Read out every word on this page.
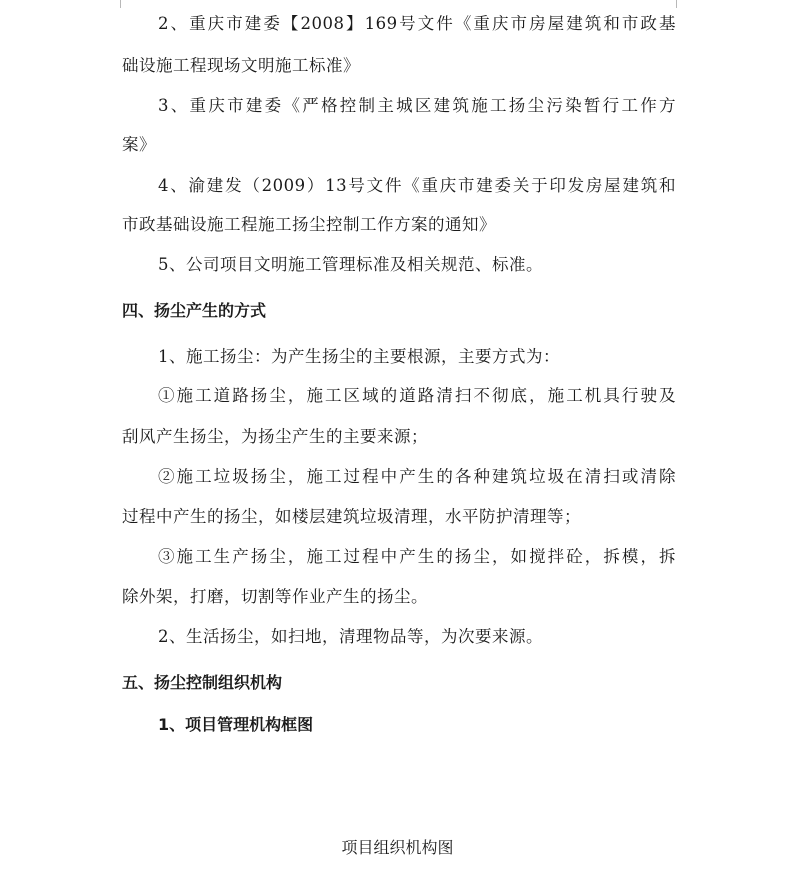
2、重庆市建委【2008】169号文件《重庆市房屋建筑和市政基
础设施工程现场文明施工标准》
3、重庆市建委《严格控制主城区建筑施工扬尘污染暂行工作方
案》
4、渝建发（2009）13号文件《重庆市建委关于印发房屋建筑和
市政基础设施工程施工扬尘控制工作方案的通知》
5、公司项目文明施工管理标准及相关规范、标准。
四、扬尘产生的方式
1、施工扬尘：为产生扬尘的主要根源，主要方式为：
①施工道路扬尘，施工区域的道路清扫不彻底，施工机具行驶及
刮风产生扬尘，为扬尘产生的主要来源；
②施工垃圾扬尘，施工过程中产生的各种建筑垃圾在清扫或清除
过程中产生的扬尘，如楼层建筑垃圾清理，水平防护清理等；
③施工生产扬尘，施工过程中产生的扬尘，如搅拌砼，拆模，拆
除外架，打磨，切割等作业产生的扬尘。
2、生活扬尘，如扫地，清理物品等，为次要来源。
五、扬尘控制组织机构
1、项目管理机构框图
项目组织机构图
